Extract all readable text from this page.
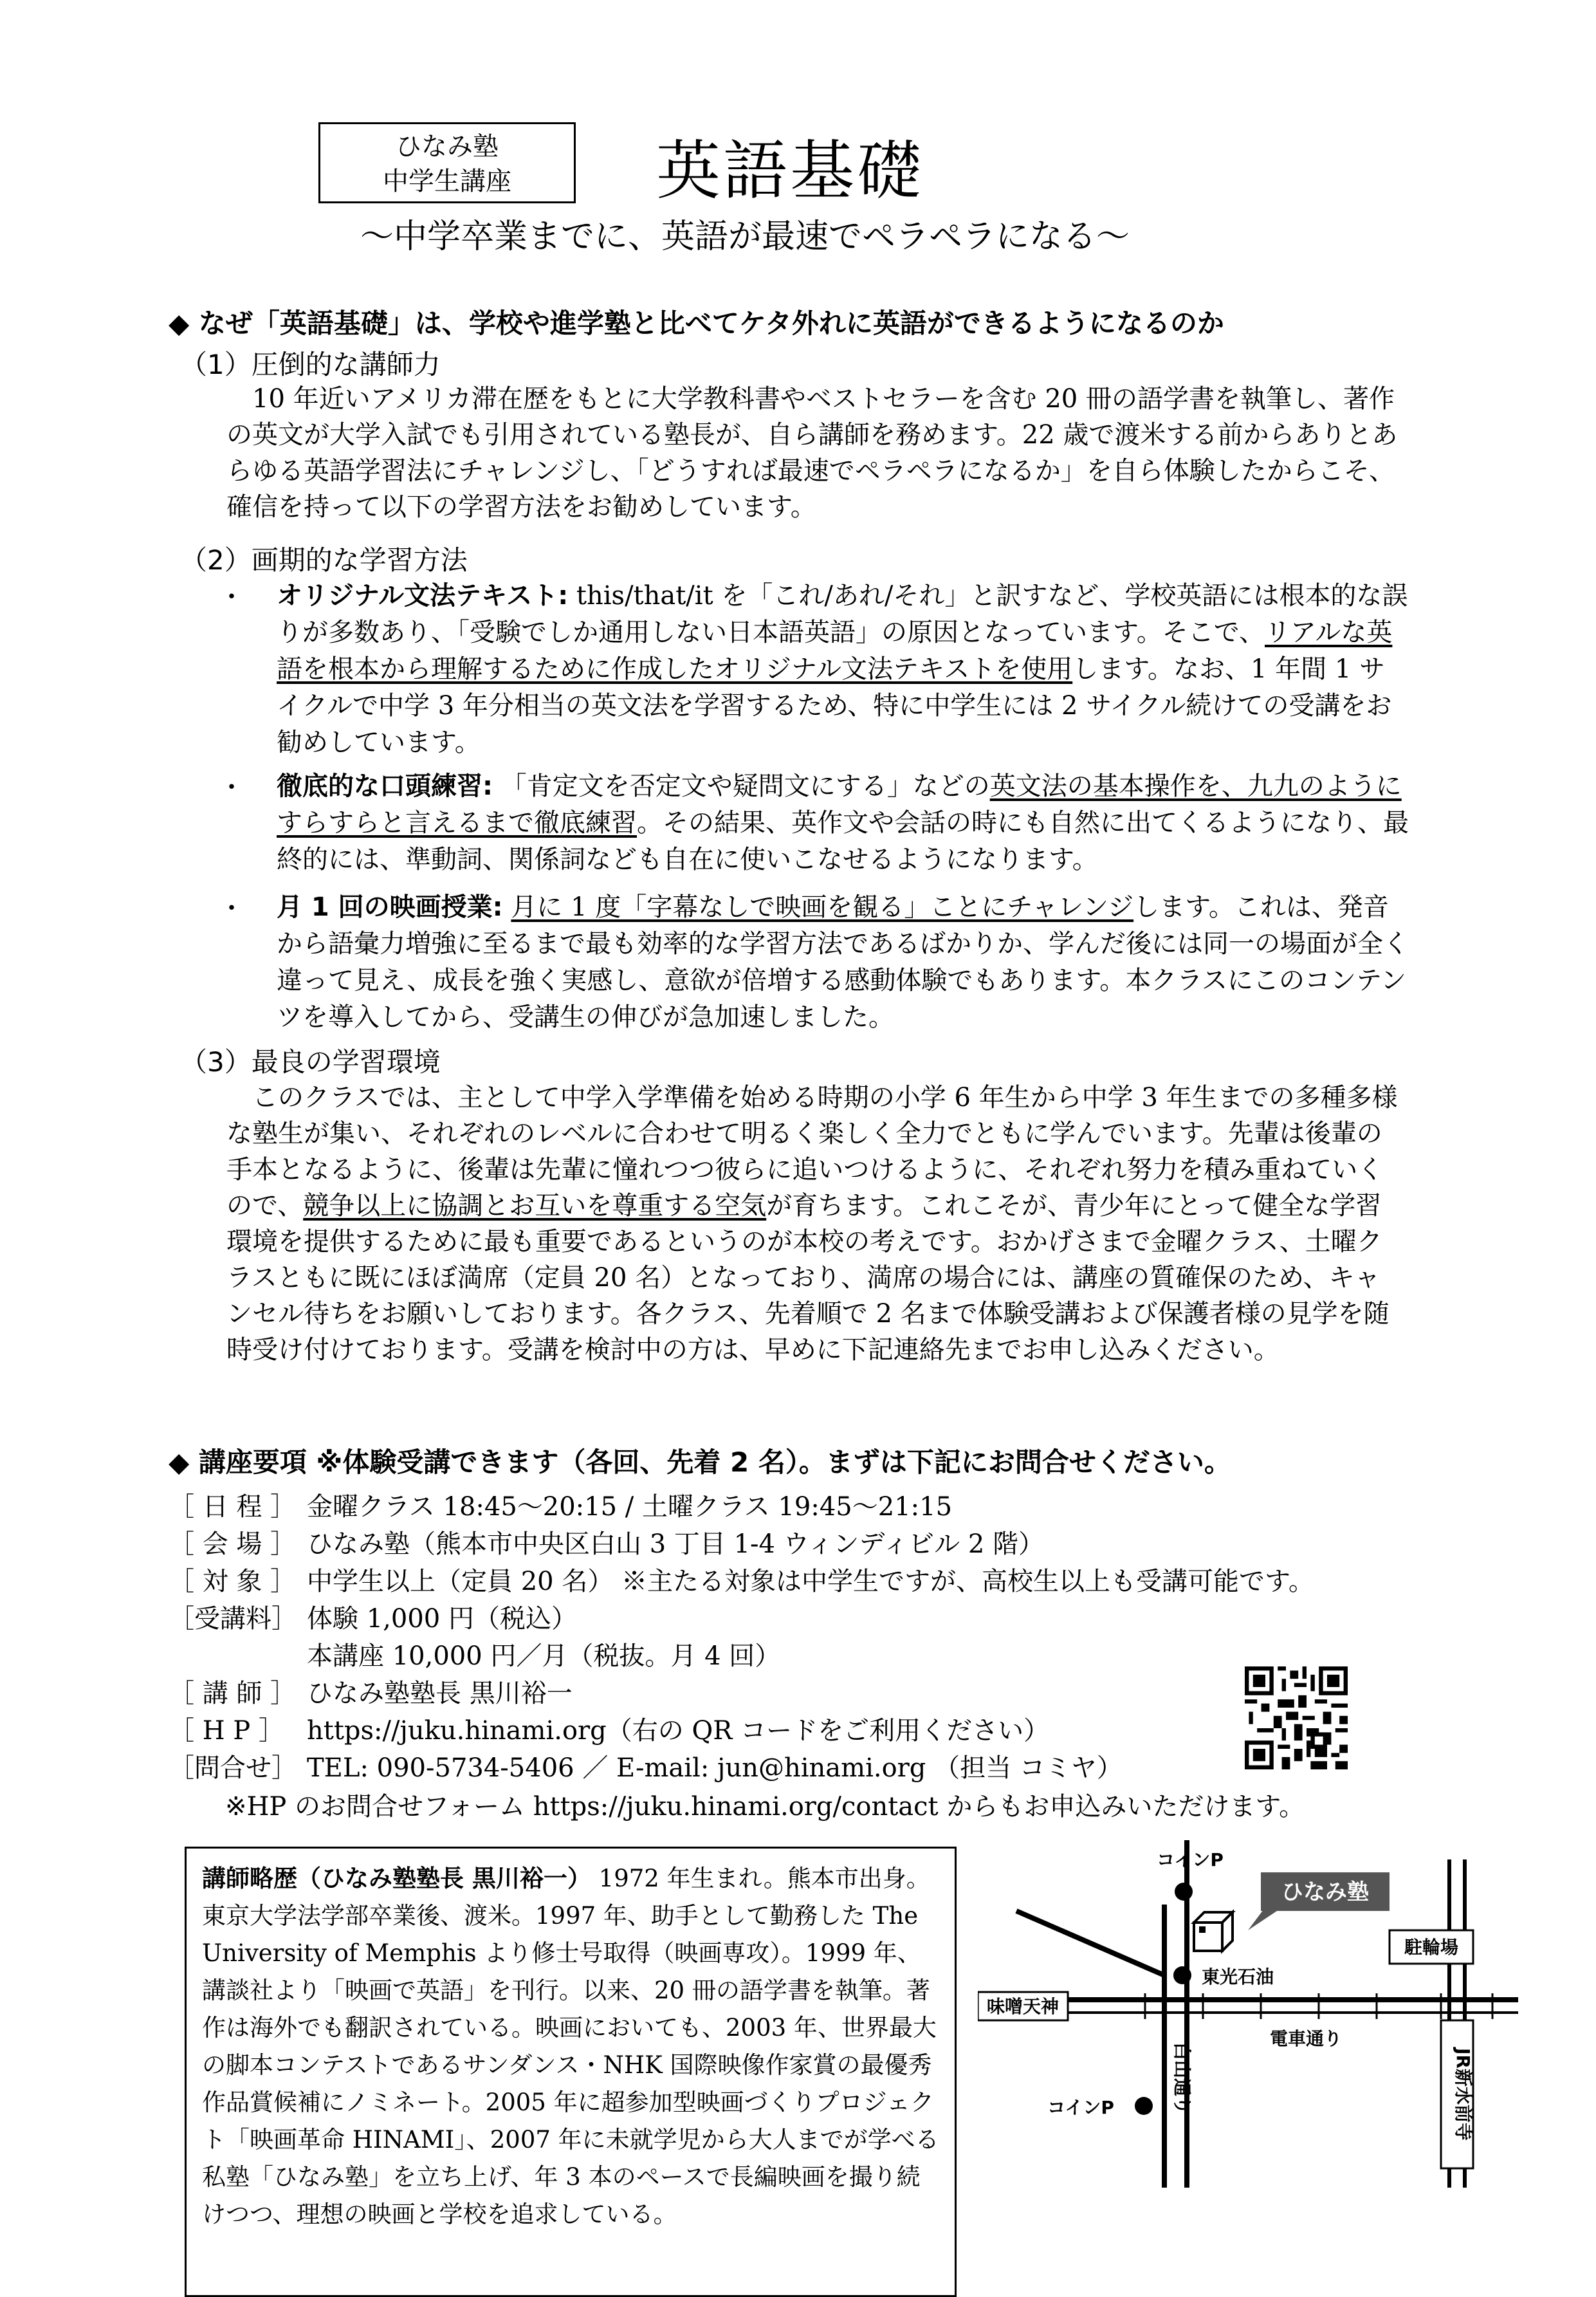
ひなみ塾
中学生講座	英語基礎
〜中学卒業までに、英語が最速でペラペラになる〜
◆ なぜ「英語基礎」は、学校や進学塾と比べてケタ外れに英語ができるようになるのか
（1）圧倒的な講師力
　10 年近いアメリカ滞在歴をもとに大学教科書やベストセラーを含む 20 冊の語学書を執筆し、著作の英文が大学入試でも引用されている塾長が、自ら講師を務めます。22 歳で渡米する前からありとあらゆる英語学習法にチャレンジし、「どうすれば最速でペラペラになるか」を自ら体験したからこそ、確信を持って以下の学習方法をお勧めしています。
（2）画期的な学習方法
・ オリジナル文法テキスト: this/that/it を「これ/あれ/それ」と訳すなど、学校英語には根本的な誤りが多数あり、「受験でしか通用しない日本語英語」の原因となっています。そこで、リアルな英語を根本から理解するために作成したオリジナル文法テキストを使用します。なお、1 年間 1 サイクルで中学 3 年分相当の英文法を学習するため、特に中学生には 2 サイクル続けての受講をお勧めしています。
・ 徹底的な口頭練習: 「肯定文を否定文や疑問文にする」などの英文法の基本操作を、九九のようにすらすらと言えるまで徹底練習。その結果、英作文や会話の時にも自然に出てくるようになり、最終的には、準動詞、関係詞なども自在に使いこなせるようになります。
・ 月 1 回の映画授業: 月に 1 度「字幕なしで映画を観る」ことにチャレンジします。これは、発音から語彙力増強に至るまで最も効率的な学習方法であるばかりか、学んだ後には同一の場面が全く違って見え、成長を強く実感し、意欲が倍増する感動体験でもあります。本クラスにこのコンテンツを導入してから、受講生の伸びが急加速しました。
（3）最良の学習環境
　このクラスでは、主として中学入学準備を始める時期の小学 6 年生から中学 3 年生までの多種多様な塾生が集い、それぞれのレベルに合わせて明るく楽しく全力でともに学んでいます。先輩は後輩の手本となるように、後輩は先輩に憧れつつ彼らに追いつけるように、それぞれ努力を積み重ねていくので、競争以上に協調とお互いを尊重する空気が育ちます。これこそが、青少年にとって健全な学習環境を提供するために最も重要であるというのが本校の考えです。おかげさまで金曜クラス、土曜クラスともに既にほぼ満席（定員 20 名）となっており、満席の場合には、講座の質確保のため、キャンセル待ちをお願いしております。各クラス、先着順で 2 名まで体験受講および保護者様の見学を随時受け付けております。受講を検討中の方は、早めに下記連絡先までお申し込みください。
◆ 講座要項 ※体験受講できます（各回、先着 2 名）。まずは下記にお問合せください。
［ 日 程 ］ 金曜クラス 18:45〜20:15 / 土曜クラス 19:45〜21:15
［ 会 場 ］ ひなみ塾（熊本市中央区白山 3 丁目 1-4 ウィンディビル 2 階）
［ 対 象 ］ 中学生以上（定員 20 名） ※主たる対象は中学生ですが、高校生以上も受講可能です。
［受講料］ 体験 1,000 円（税込）
本講座 10,000 円／月（税抜。月 4 回）
［ 講 師 ］ ひなみ塾塾長 黒川裕一
［ H P ］ https://juku.hinami.org（右の QR コードをご利用ください）
［問合せ］ TEL: 090-5734-5406 ／ E-mail: jun@hinami.org （担当 コミヤ）
※HP のお問合せフォーム https://juku.hinami.org/contact からもお申込みいただけます。
講師略歴（ひなみ塾塾長 黒川裕一） 1972 年生まれ。熊本市出身。東京大学法学部卒業後、渡米。1997 年、助手として勤務した The University of Memphis より修士号取得（映画専攻）。1999 年、講談社より「映画で英語」を刊行。以来、20 冊の語学書を執筆。著作は海外でも翻訳されている。映画においても、2003 年、世界最大の脚本コンテストであるサンダンス・NHK 国際映像作家賞の最優秀作品賞候補にノミネート。2005 年に超参加型映画づくりプロジェクト「映画革命 HINAMI」、2007 年に未就学児から大人までが学べる私塾「ひなみ塾」を立ち上げ、年 3 本のペースで長編映画を撮り続けつつ、理想の映画と学校を追求している。
ひなみ塾
コインP
東光石油
駐輪場
味噌天神
電車通り
白山通り	JR新水前寺
コインP
